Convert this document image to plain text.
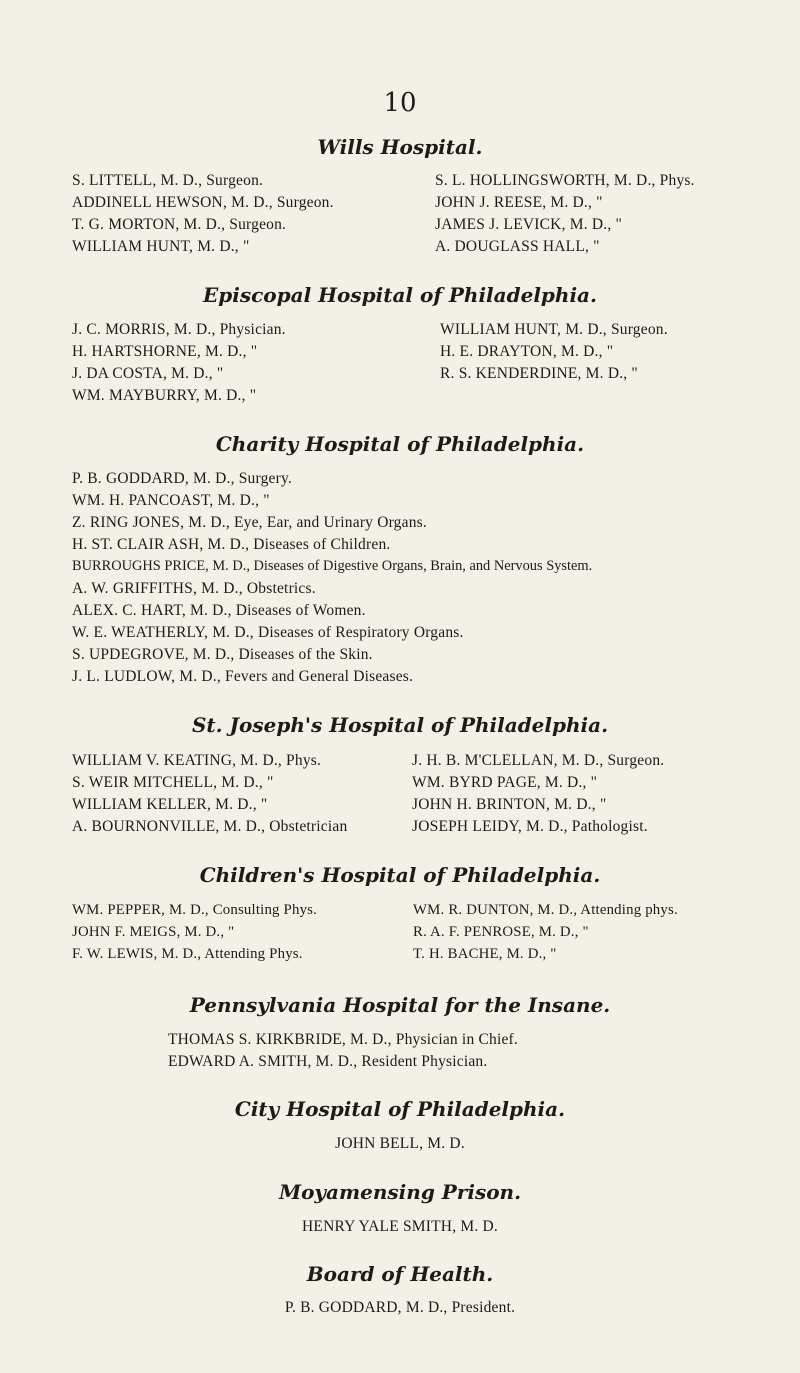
10
Wills Hospital.
S. LITTELL, M. D., Surgeon.
ADDINELL HEWSON, M. D., Surgeon.
T. G. MORTON, M. D., Surgeon.
WILLIAM HUNT, M. D., "
S. L. HOLLINGSWORTH, M. D., Phys.
JOHN J. REESE, M. D., "
JAMES J. LEVICK, M. D., "
A. DOUGLASS HALL, "
Episcopal Hospital of Philadelphia.
J. C. MORRIS, M. D., Physician.
H. HARTSHORNE, M. D., "
J. DA COSTA, M. D., "
WM. MAYBURRY, M. D., "
WILLIAM HUNT, M. D., Surgeon.
H. E. DRAYTON, M. D., "
R. S. KENDERDINE, M. D., "
Charity Hospital of Philadelphia.
P. B. GODDARD, M. D., Surgery.
WM. H. PANCOAST, M. D., "
Z. RING JONES, M. D., Eye, Ear, and Urinary Organs.
H. ST. CLAIR ASH, M. D., Diseases of Children.
BURROUGHS PRICE, M. D., Diseases of Digestive Organs, Brain, and Nervous System.
A. W. GRIFFITHS, M. D., Obstetrics.
ALEX. C. HART, M. D., Diseases of Women.
W. E. WEATHERLY, M. D., Diseases of Respiratory Organs.
S. UPDEGROVE, M. D., Diseases of the Skin.
J. L. LUDLOW, M. D., Fevers and General Diseases.
St. Joseph's Hospital of Philadelphia.
WILLIAM V. KEATING, M. D., Phys.
S. WEIR MITCHELL, M. D., "
WILLIAM KELLER, M. D., "
A. BOURNONVILLE, M. D., Obstetrician
J. H. B. M'CLELLAN, M. D., Surgeon.
WM. BYRD PAGE, M. D., "
JOHN H. BRINTON, M. D., "
JOSEPH LEIDY, M. D., Pathologist.
Children's Hospital of Philadelphia.
WM. PEPPER, M. D., Consulting Phys.
JOHN F. MEIGS, M. D., "
F. W. LEWIS, M. D., Attending Phys.
WM. R. DUNTON, M. D., Attending phys.
R. A. F. PENROSE, M. D., "
T. H. BACHE, M. D., "
Pennsylvania Hospital for the Insane.
THOMAS S. KIRKBRIDE, M. D., Physician in Chief.
EDWARD A. SMITH, M. D., Resident Physician.
City Hospital of Philadelphia.
JOHN BELL, M. D.
Moyamensing Prison.
HENRY YALE SMITH, M. D.
Board of Health.
P. B. GODDARD, M. D., President.
